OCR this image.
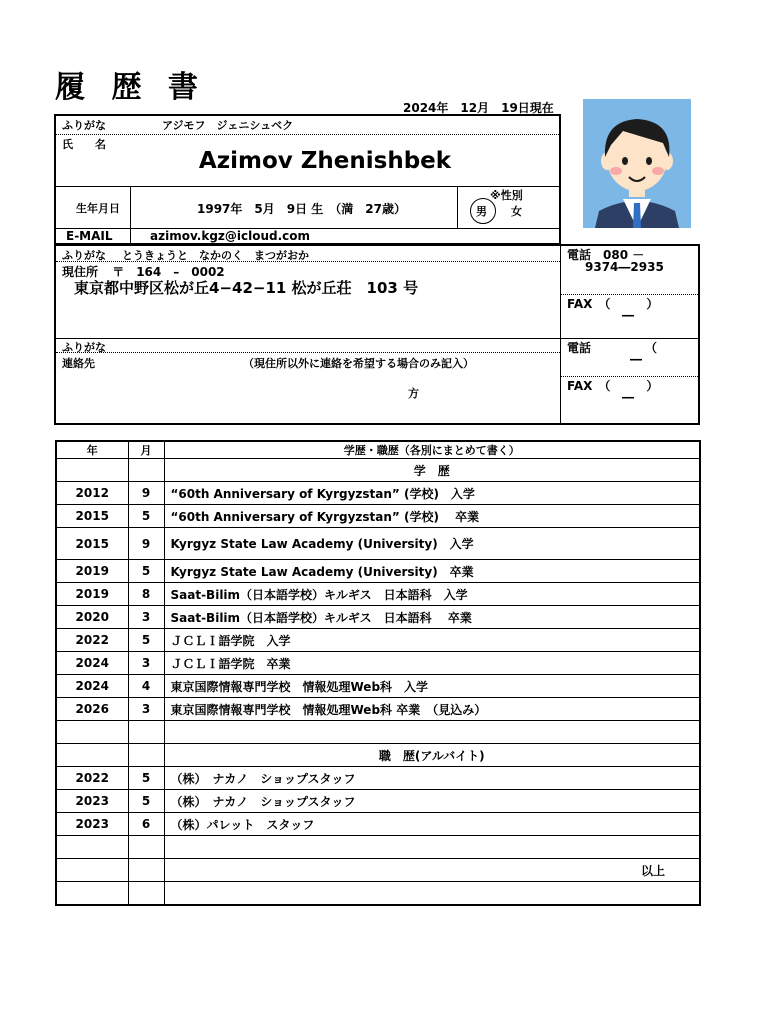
履 歴 書
2024年　12月　19日現在
ふりがな	アジモフ　ジェニシュベク
氏　　名
Azimov Zhenishbek
生年月日	1997年　5月　9日 生　（満　27歳）
※性別
男 女
E-MAIL	azimov.kgz@icloud.com
ふりがな とうきょうと　なかのく　まつがおか
現住所 〒　164　–　0002
東京都中野区松が丘4−42−11 松が丘荘　103 号
電話　080 －
9374―2935
FAX　（　　　）
―
ふりがな
連絡先	（現住所以外に連絡を希望する場合のみ記入）
方　
電話　　　　　（
―
FAX　（　　　）
―
年	月	学歴・職歴（各別にまとめて書く）
		学　歴
2012	9	“60th Anniversary of Kyrgyzstan” (学校)　入学
2015	5	“60th Anniversary of Kyrgyzstan” (学校)　 卒業
2015	9	Kyrgyz State Law Academy (University)　入学
2019	5	Kyrgyz State Law Academy (University)　卒業
2019	8	Saat-Bilim（日本語学校）キルギス　日本語科　入学
2020	3	Saat-Bilim（日本語学校）キルギス　日本語科 　卒業
2022	5	ＪＣＬＩ語学院　入学
2024	3	ＪＣＬＩ語学院　卒業
2024	4	東京国際情報専門学校　情報処理Web科　入学
2026	3	東京国際情報専門学校　情報処理Web科 卒業　（見込み）

		職　歴(アルバイト)
2022	5	（株）　ナカノ　ショップスタッフ
2023	5	（株）　ナカノ　ショップスタッフ
2023	6	（株）パレット　スタッフ

		以上
